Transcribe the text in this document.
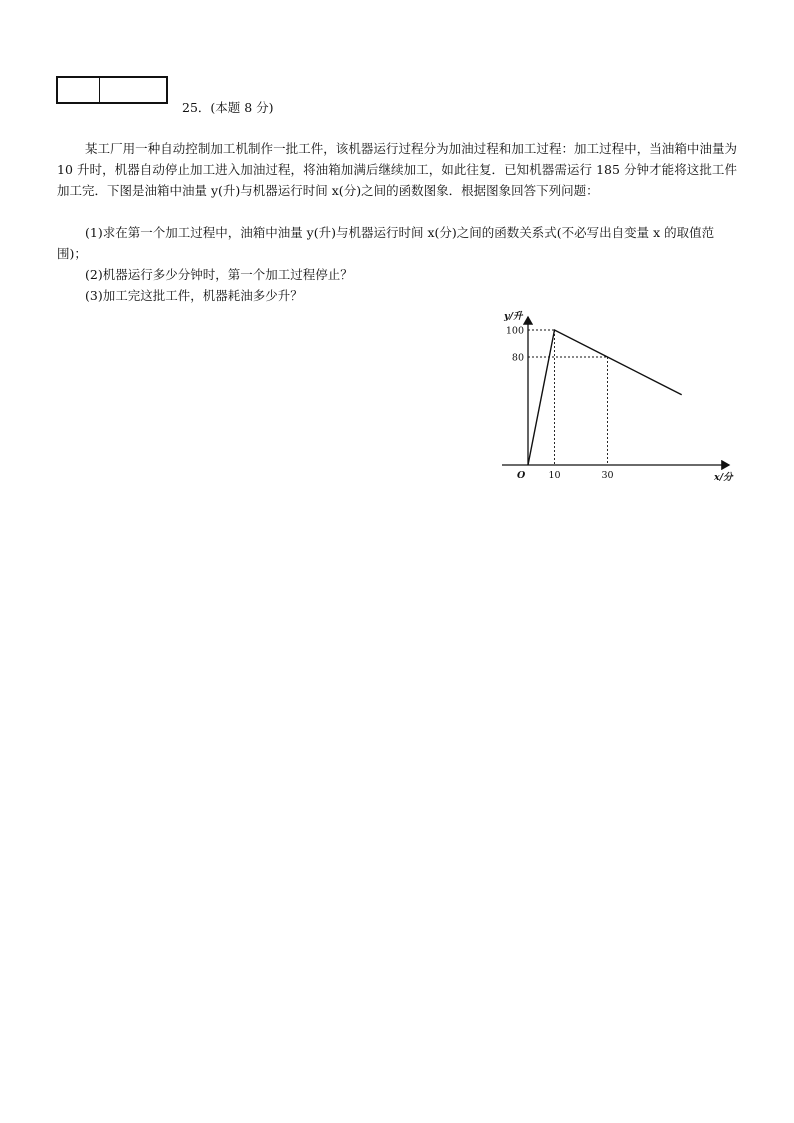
25．(本题 8 分)
某工厂用一种自动控制加工机制作一批工件，该机器运行过程分为加油过程和加工过程：加工过程中，当油箱中油量为 10 升时，机器自动停止加工进入加油过程，将油箱加满后继续加工，如此往复．已知机器需运行 185 分钟才能将这批工件加工完．下图是油箱中油量 y(升)与机器运行时间 x(分)之间的函数图象．根据图象回答下列问题：
(1)求在第一个加工过程中，油箱中油量 y(升)与机器运行时间 x(分)之间的函数关系式(不必写出自变量 x 的取值范围)；
(2)机器运行多少分钟时，第一个加工过程停止？
(3)加工完这批工件，机器耗油多少升？
100
80
10	30
y/升
x/分
O
